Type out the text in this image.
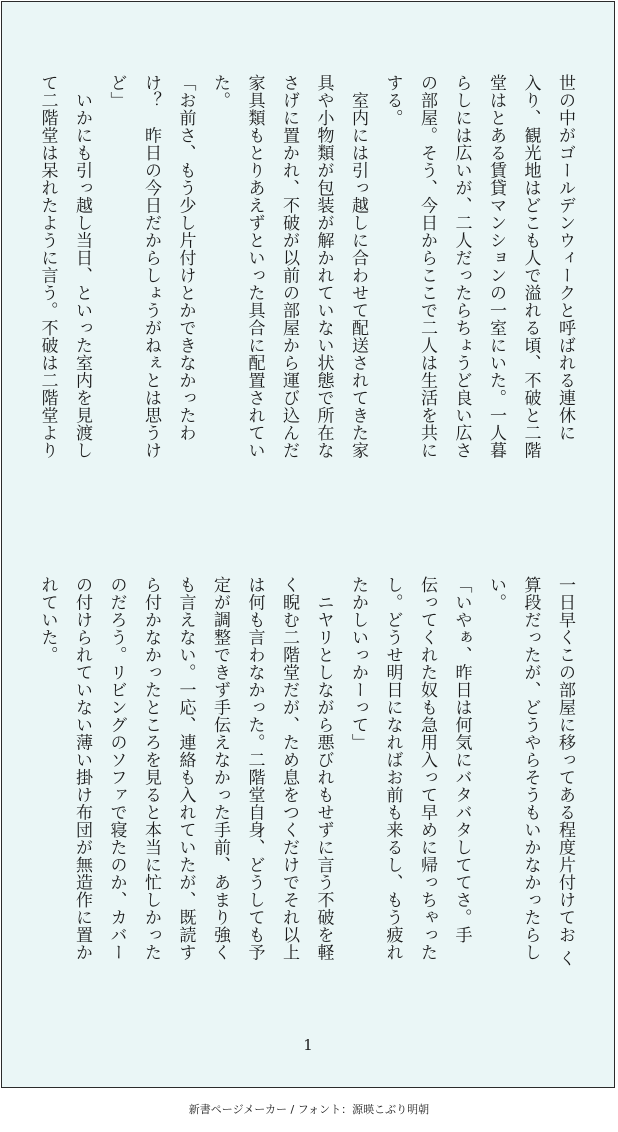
世の中がゴールデンウィークと呼ばれる連休に
入り、観光地はどこも人で溢れる頃、不破と二階
堂はとある賃貸マンションの一室にいた。一人暮
らしには広いが、二人だったらちょうど良い広さ
の部屋。そう、今日からここで二人は生活を共に
する。
　室内には引っ越しに合わせて配送されてきた家
具や小物類が包装が解かれていない状態で所在な
さげに置かれ、不破が以前の部屋から運び込んだ
家具類もとりあえずといった具合に配置されてい
た。
「お前さ、もう少し片付けとかできなかったわ
け？　昨日の今日だからしょうがねぇとは思うけ
ど」
　いかにも引っ越し当日、といった室内を見渡し
て二階堂は呆れたように言う。不破は二階堂より
一日早くこの部屋に移ってある程度片付けてお く
算段だったが、どうやらそうもいかなかったらし
い。
「いやぁ、昨日は何気にバタバタしててさ。手
伝ってくれた奴も急用入って早めに帰っちゃった
し。どうせ明日になればお前も来るし、もう疲れ
たかしいっかーって」
　ニヤリとしながら悪びれもせずに言う不破を軽
く睨む二階堂だが、ため息をつくだけでそれ以上
は何も言わなかった。二階堂自身、どうしても予
定が調整できず手伝えなかった手前、あまり強く
も言えない。一応、連絡も入れていたが、既読す
ら付かなかったところを見ると本当に忙しかった
のだろう。リビングのソファで寝たのか、カバー
の付けられていない薄い掛け布団が無造作に置か
れていた。
1
新書ページメーカー / フォント：源暎こぶり明朝
